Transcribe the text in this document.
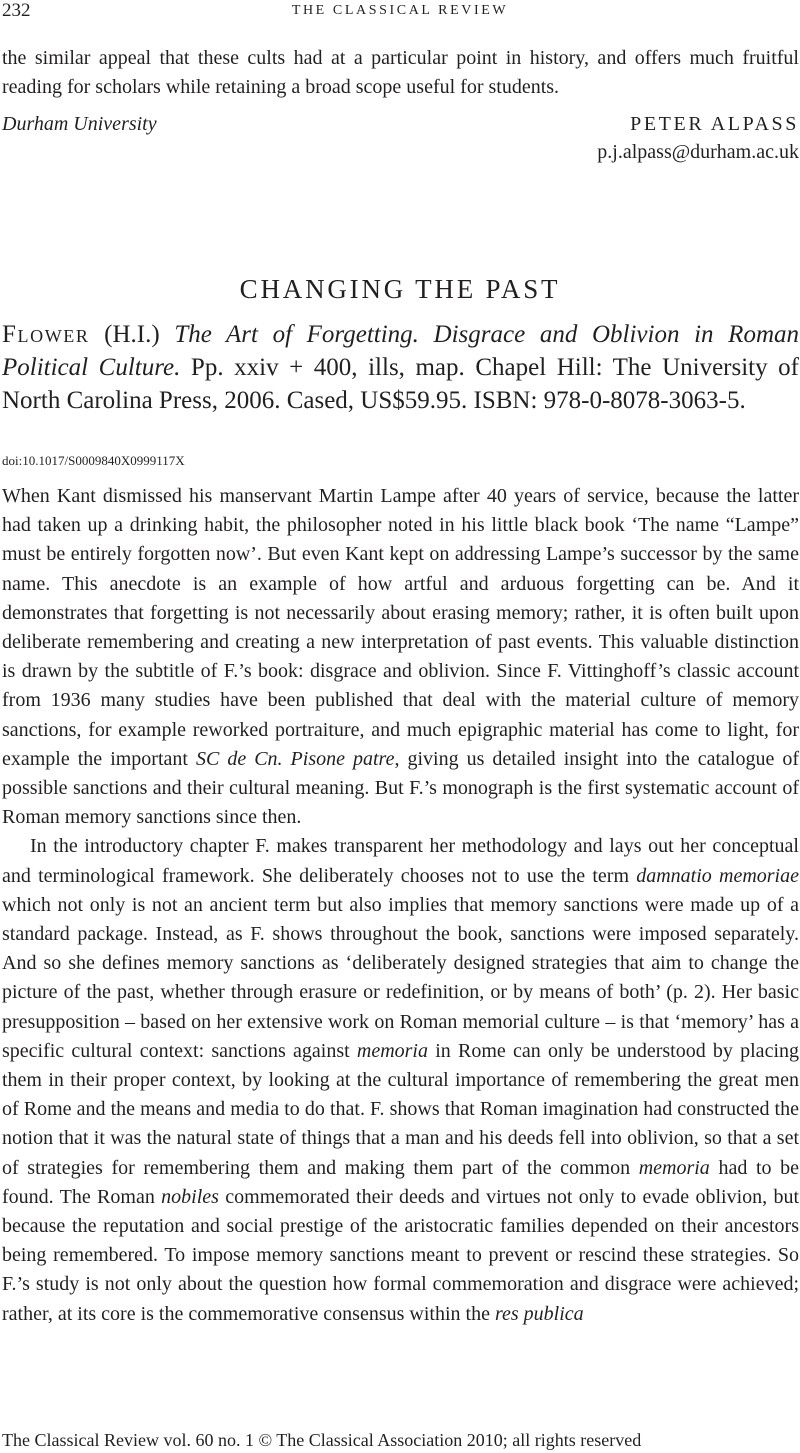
232	THE CLASSICAL REVIEW
the similar appeal that these cults had at a particular point in history, and offers much fruitful reading for scholars while retaining a broad scope useful for students.
Durham University	PETER ALPASS
p.j.alpass@durham.ac.uk
CHANGING THE PAST
Flower (H.I.) The Art of Forgetting. Disgrace and Oblivion in Roman Political Culture. Pp. xxiv + 400, ills, map. Chapel Hill: The University of North Carolina Press, 2006. Cased, US$59.95. ISBN: 978-0-8078-3063-5.
doi:10.1017/S0009840X0999117X

When Kant dismissed his manservant Martin Lampe after 40 years of service, because the latter had taken up a drinking habit, the philosopher noted in his little black book ‘The name “Lampe” must be entirely forgotten now’. But even Kant kept on addressing Lampe’s successor by the same name. This anecdote is an example of how artful and arduous forgetting can be. And it demonstrates that forgetting is not necessarily about erasing memory; rather, it is often built upon deliberate remembering and creating a new interpretation of past events. This valuable distinction is drawn by the subtitle of F.’s book: disgrace and oblivion. Since F. Vittinghoff’s classic account from 1936 many studies have been published that deal with the material culture of memory sanctions, for example reworked portraiture, and much epigraphic material has come to light, for example the important SC de Cn. Pisone patre, giving us detailed insight into the catalogue of possible sanctions and their cultural meaning. But F.’s monograph is the first systematic account of Roman memory sanctions since then.

In the introductory chapter F. makes transparent her methodology and lays out her conceptual and terminological framework. She deliberately chooses not to use the term damnatio memoriae which not only is not an ancient term but also implies that memory sanctions were made up of a standard package. Instead, as F. shows throughout the book, sanctions were imposed separately. And so she defines memory sanctions as ‘deliberately designed strategies that aim to change the picture of the past, whether through erasure or redefinition, or by means of both’ (p. 2). Her basic presupposition – based on her extensive work on Roman memorial culture – is that ‘memory’ has a specific cultural context: sanctions against memoria in Rome can only be understood by placing them in their proper context, by looking at the cultural importance of remembering the great men of Rome and the means and media to do that. F. shows that Roman imagination had constructed the notion that it was the natural state of things that a man and his deeds fell into oblivion, so that a set of strategies for remembering them and making them part of the common memoria had to be found. The Roman nobiles commemorated their deeds and virtues not only to evade oblivion, but because the reputation and social prestige of the aristocratic families depended on their ancestors being remembered. To impose memory sanctions meant to prevent or rescind these strategies. So F.’s study is not only about the question how formal commemoration and disgrace were achieved; rather, at its core is the commemorative consensus within the res publica

The Classical Review vol. 60 no. 1 © The Classical Association 2010; all rights reserved
